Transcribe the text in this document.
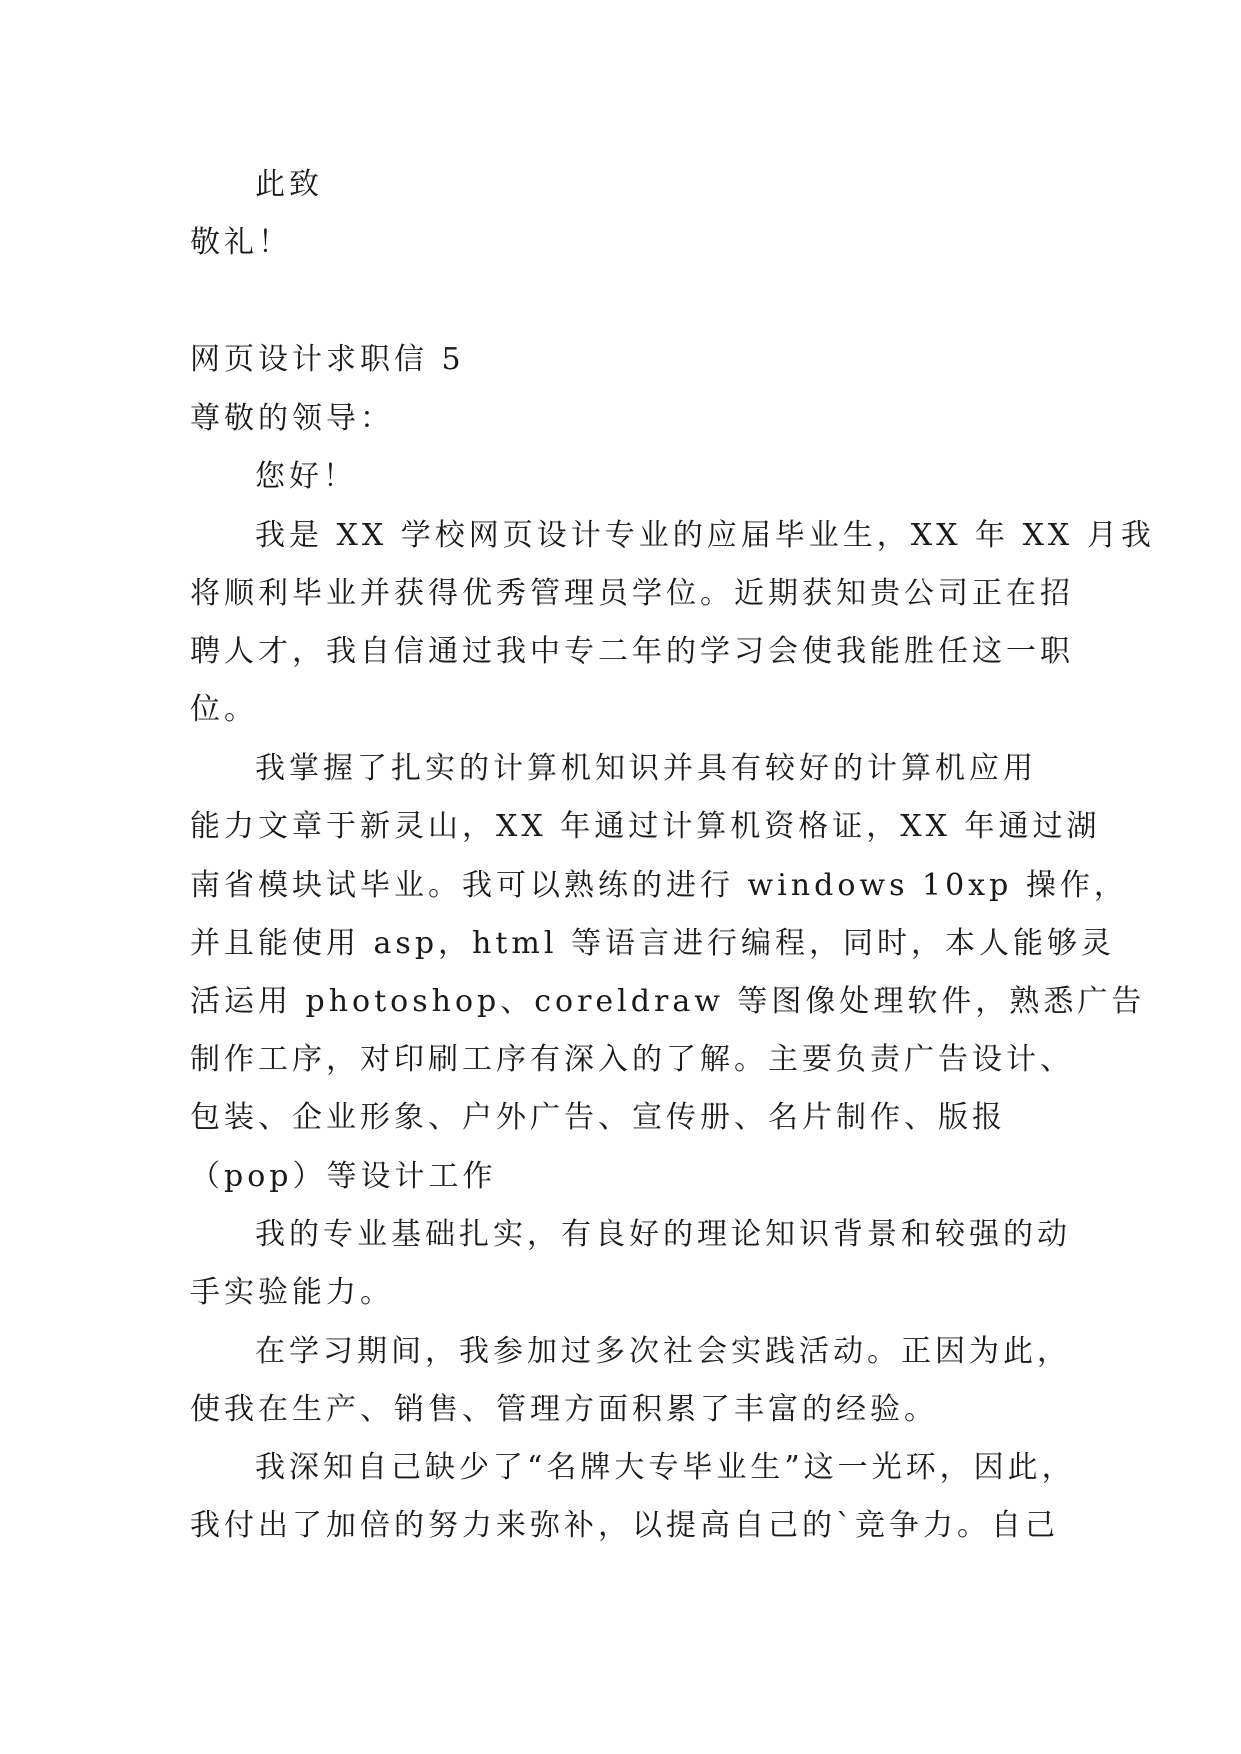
此致
敬礼！
网页设计求职信 5
尊敬的领导：
您好！
我是 XX 学校网页设计专业的应届毕业生，XX 年 XX 月我
将顺利毕业并获得优秀管理员学位。近期获知贵公司正在招
聘人才，我自信通过我中专二年的学习会使我能胜任这一职
位。
我掌握了扎实的计算机知识并具有较好的计算机应用
能力文章于新灵山，XX 年通过计算机资格证，XX 年通过湖
南省模块试毕业。我可以熟练的进行 windows 10xp 操作，
并且能使用 asp，html 等语言进行编程，同时，本人能够灵
活运用 photoshop、coreldraw 等图像处理软件，熟悉广告
制作工序，对印刷工序有深入的了解。主要负责广告设计、
包装、企业形象、户外广告、宣传册、名片制作、版报
（pop）等设计工作
我的专业基础扎实，有良好的理论知识背景和较强的动
手实验能力。
在学习期间，我参加过多次社会实践活动。正因为此，
使我在生产、销售、管理方面积累了丰富的经验。
我深知自己缺少了“名牌大专毕业生”这一光环，因此，
我付出了加倍的努力来弥补，以提高自己的`竞争力。自己
